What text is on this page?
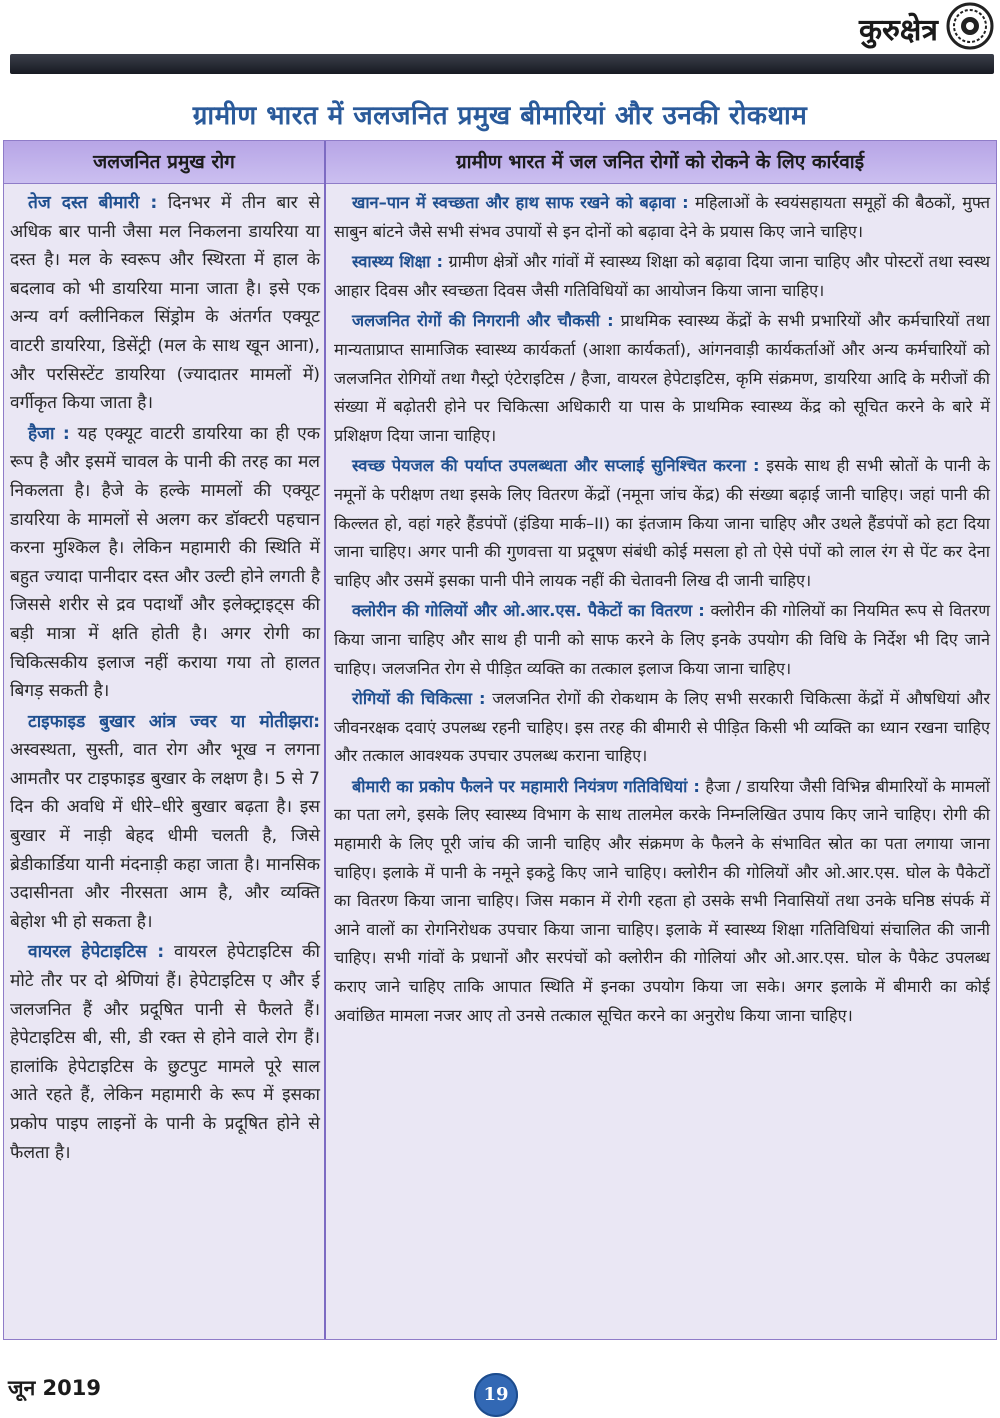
कुरुक्षेत्र
ग्रामीण भारत में जलजनित प्रमुख बीमारियां और उनकी रोकथाम
जलजनित प्रमुख रोग	ग्रामीण भारत में जल जनित रोगों को रोकने के लिए कार्रवाई

तेज दस्त बीमारी : दिनभर में तीन बार से अधिक बार पानी जैसा मल निकलना डायरिया या दस्त है। मल के स्वरूप और स्थिरता में हाल के बदलाव को भी डायरिया माना जाता है। इसे एक अन्य वर्ग क्लीनिकल सिंड्रोम के अंतर्गत एक्यूट वाटरी डायरिया, डिसेंट्री (मल के साथ खून आना), और परसिस्टेंट डायरिया (ज्यादातर मामलों में) वर्गीकृत किया जाता है।

हैजा : यह एक्यूट वाटरी डायरिया का ही एक रूप है और इसमें चावल के पानी की तरह का मल निकलता है। हैजे के हल्के मामलों की एक्यूट डायरिया के मामलों से अलग कर डॉक्टरी पहचान करना मुश्किल है। लेकिन महामारी की स्थिति में बहुत ज्यादा पानीदार दस्त और उल्टी होने लगती है जिससे शरीर से द्रव पदार्थों और इलेक्ट्राइट्स की बड़ी मात्रा में क्षति होती है। अगर रोगी का चिकित्सकीय इलाज नहीं कराया गया तो हालत बिगड़ सकती है।

टाइफाइड बुखार आंत्र ज्वर या मोतीझरा: अस्वस्थता, सुस्ती, वात रोग और भूख न लगना आमतौर पर टाइफाइड बुखार के लक्षण है। 5 से 7 दिन की अवधि में धीरे–धीरे बुखार बढ़ता है। इस बुखार में नाड़ी बेहद धीमी चलती है, जिसे ब्रेडीकार्डिया यानी मंदनाड़ी कहा जाता है। मानसिक उदासीनता और नीरसता आम है, और व्यक्ति बेहोश भी हो सकता है।

वायरल हेपेटाइटिस : वायरल हेपेटाइटिस की मोटे तौर पर दो श्रेणियां हैं। हेपेटाइटिस ए और ई जलजनित हैं और प्रदूषित पानी से फैलते हैं। हेपेटाइटिस बी, सी, डी रक्त से होने वाले रोग हैं। हालांकि हेपेटाइटिस के छुटपुट मामले पूरे साल आते रहते हैं, लेकिन महामारी के रूप में इसका प्रकोप पाइप लाइनों के पानी के प्रदूषित होने से फैलता है।

खान–पान में स्वच्छता और हाथ साफ रखने को बढ़ावा : महिलाओं के स्वयंसहायता समूहों की बैठकों, मुफ्त साबुन बांटने जैसे सभी संभव उपायों से इन दोनों को बढ़ावा देने के प्रयास किए जाने चाहिए।

स्वास्थ्य शिक्षा : ग्रामीण क्षेत्रों और गांवों में स्वास्थ्य शिक्षा को बढ़ावा दिया जाना चाहिए और पोस्टरों तथा स्वस्थ आहार दिवस और स्वच्छता दिवस जैसी गतिविधियों का आयोजन किया जाना चाहिए।

जलजनित रोगों की निगरानी और चौकसी : प्राथमिक स्वास्थ्य केंद्रों के सभी प्रभारियों और कर्मचारियों तथा मान्यताप्राप्त सामाजिक स्वास्थ्य कार्यकर्ता (आशा कार्यकर्ता), आंगनवाड़ी कार्यकर्ताओं और अन्य कर्मचारियों को जलजनित रोगियों तथा गैस्ट्रो एंटेराइटिस / हैजा, वायरल हेपेटाइटिस, कृमि संक्रमण, डायरिया आदि के मरीजों की संख्या में बढ़ोतरी होने पर चिकित्सा अधिकारी या पास के प्राथमिक स्वास्थ्य केंद्र को सूचित करने के बारे में प्रशिक्षण दिया जाना चाहिए।

स्वच्छ पेयजल की पर्याप्त उपलब्धता और सप्लाई सुनिश्चित करना : इसके साथ ही सभी स्रोतों के पानी के नमूनों के परीक्षण तथा इसके लिए वितरण केंद्रों (नमूना जांच केंद्र) की संख्या बढ़ाई जानी चाहिए। जहां पानी की किल्लत हो, वहां गहरे हैंडपंपों (इंडिया मार्क–II) का इंतजाम किया जाना चाहिए और उथले हैंडपंपों को हटा दिया जाना चाहिए। अगर पानी की गुणवत्ता या प्रदूषण संबंधी कोई मसला हो तो ऐसे पंपों को लाल रंग से पेंट कर देना चाहिए और उसमें इसका पानी पीने लायक नहीं की चेतावनी लिख दी जानी चाहिए।

क्लोरीन की गोलियों और ओ.आर.एस. पैकेटों का वितरण : क्लोरीन की गोलियों का नियमित रूप से वितरण किया जाना चाहिए और साथ ही पानी को साफ करने के लिए इनके उपयोग की विधि के निर्देश भी दिए जाने चाहिए। जलजनित रोग से पीड़ित व्यक्ति का तत्काल इलाज किया जाना चाहिए।

रोगियों की चिकित्सा : जलजनित रोगों की रोकथाम के लिए सभी सरकारी चिकित्सा केंद्रों में औषधियां और जीवनरक्षक दवाएं उपलब्ध रहनी चाहिए। इस तरह की बीमारी से पीड़ित किसी भी व्यक्ति का ध्यान रखना चाहिए और तत्काल आवश्यक उपचार उपलब्ध कराना चाहिए।

बीमारी का प्रकोप फैलने पर महामारी नियंत्रण गतिविधियां : हैजा / डायरिया जैसी विभिन्न बीमारियों के मामलों का पता लगे, इसके लिए स्वास्थ्य विभाग के साथ तालमेल करके निम्नलिखित उपाय किए जाने चाहिए। रोगी की महामारी के लिए पूरी जांच की जानी चाहिए और संक्रमण के फैलने के संभावित स्रोत का पता लगाया जाना चाहिए। इलाके में पानी के नमूने इकट्ठे किए जाने चाहिए। क्लोरीन की गोलियों और ओ.आर.एस. घोल के पैकेटों का वितरण किया जाना चाहिए। जिस मकान में रोगी रहता हो उसके सभी निवासियों तथा उनके घनिष्ठ संपर्क में आने वालों का रोगनिरोधक उपचार किया जाना चाहिए। इलाके में स्वास्थ्य शिक्षा गतिविधियां संचालित की जानी चाहिए। सभी गांवों के प्रधानों और सरपंचों को क्लोरीन की गोलियां और ओ.आर.एस. घोल के पैकेट उपलब्ध कराए जाने चाहिए ताकि आपात स्थिति में इनका उपयोग किया जा सके। अगर इलाके में बीमारी का कोई अवांछित मामला नजर आए तो उनसे तत्काल सूचित करने का अनुरोध किया जाना चाहिए।

जून 2019	19
